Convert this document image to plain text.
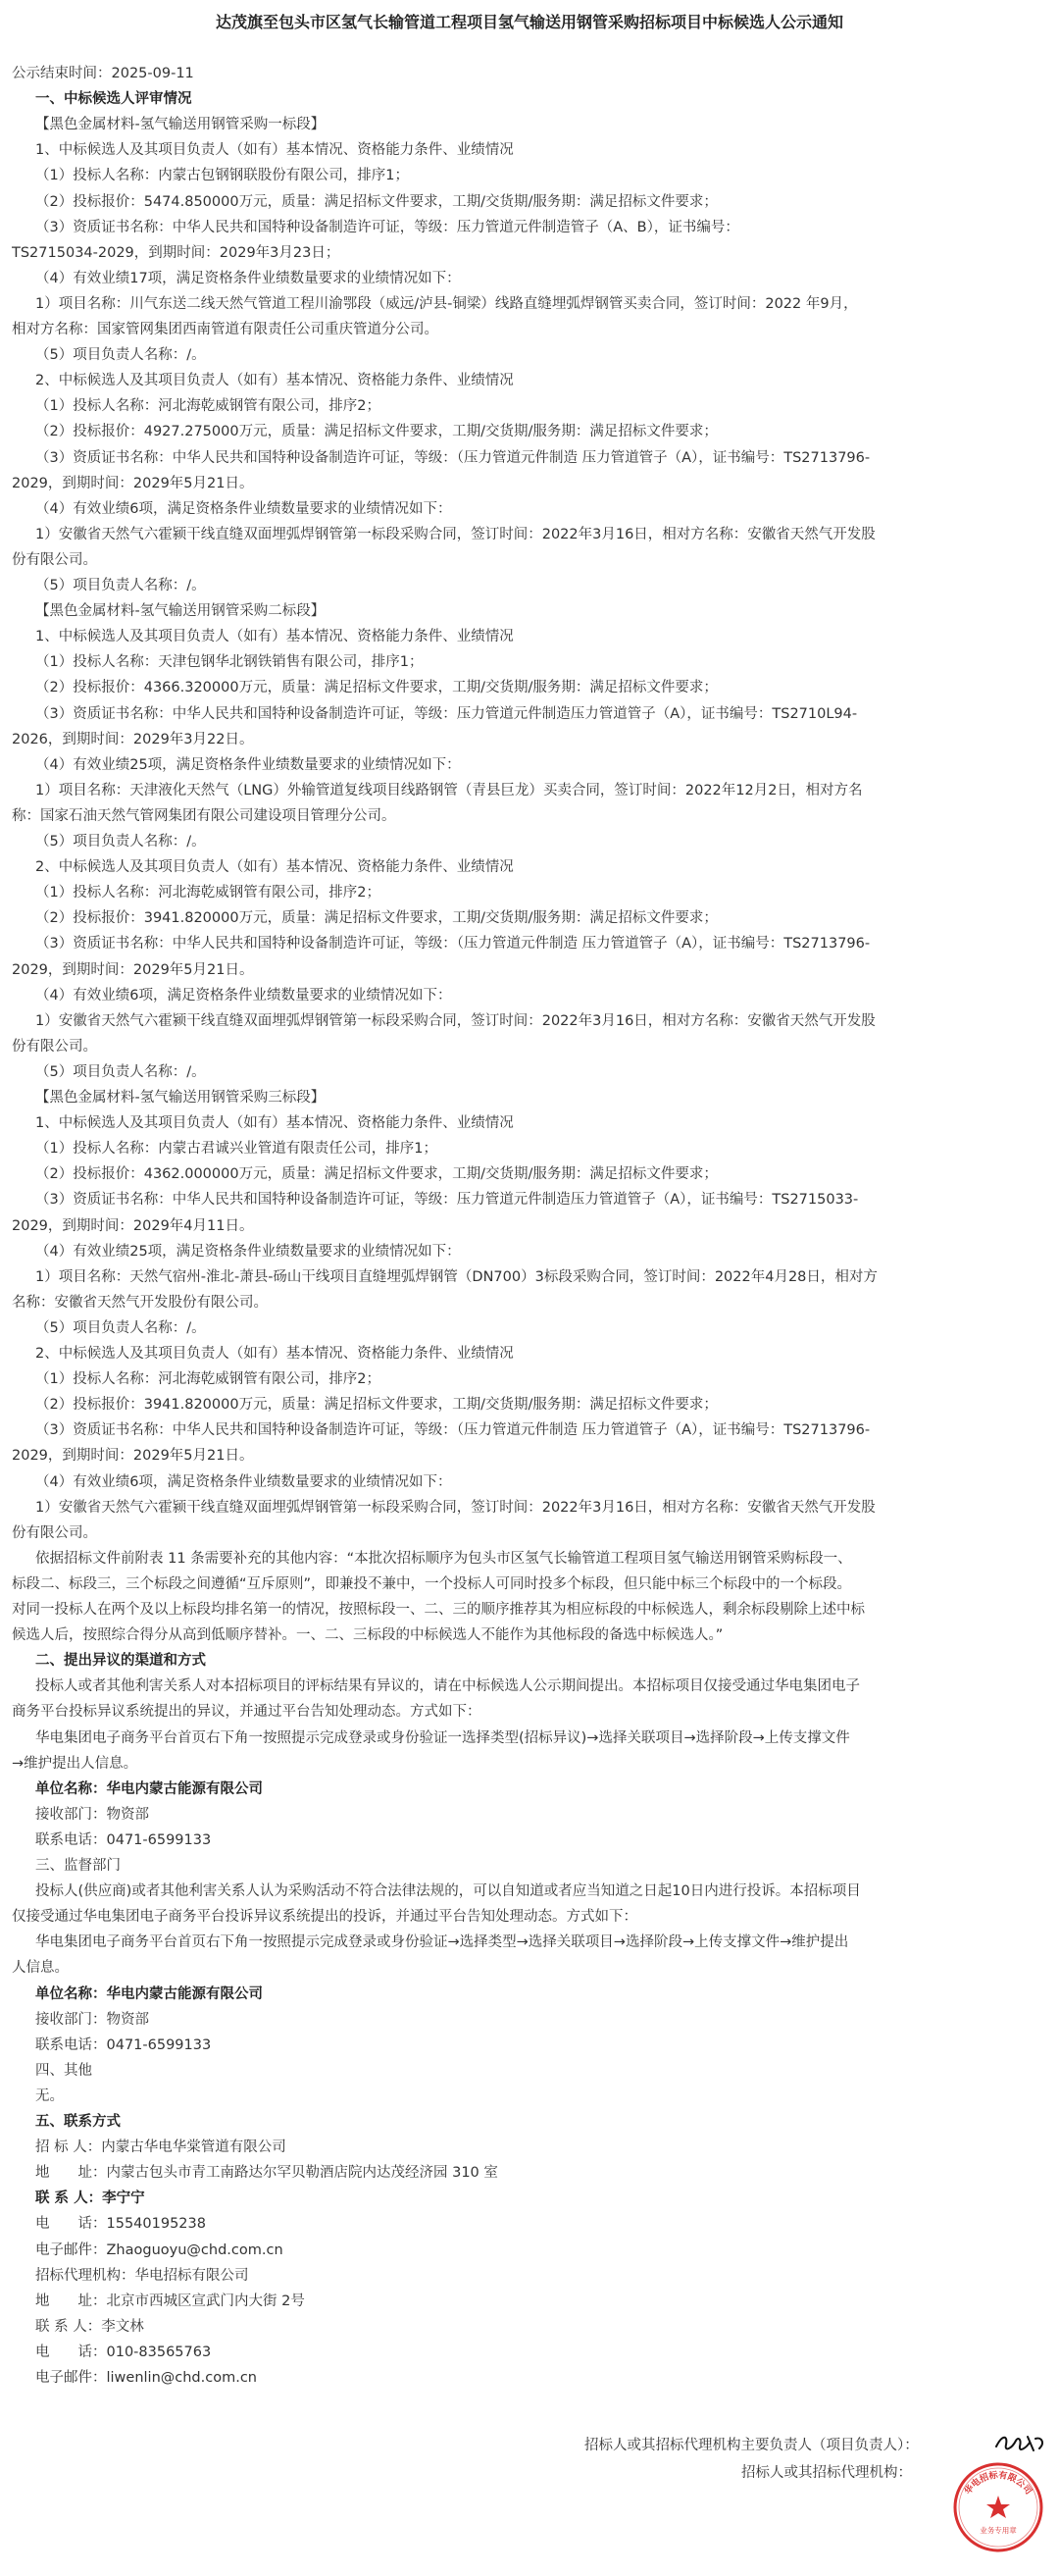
达茂旗至包头市区氢气长输管道工程项目氢气输送用钢管采购招标项目中标候选人公示通知
公示结束时间：2025-09-11
一、中标候选人评审情况
【黑色金属材料-氢气输送用钢管采购一标段】
1、中标候选人及其项目负责人（如有）基本情况、资格能力条件、业绩情况
（1）投标人名称：内蒙古包钢钢联股份有限公司，排序1；
（2）投标报价：5474.850000万元，质量：满足招标文件要求，工期/交货期/服务期：满足招标文件要求；
（3）资质证书名称：中华人民共和国特种设备制造许可证，等级：压力管道元件制造管子（A、B），证书编号：
TS2715034-2029，到期时间：2029年3月23日；
（4）有效业绩17项，满足资格条件业绩数量要求的业绩情况如下：
1）项目名称：川气东送二线天然气管道工程川渝鄂段（威远/泸县-铜梁）线路直缝埋弧焊钢管买卖合同，签订时间：2022 年9月，
相对方名称：国家管网集团西南管道有限责任公司重庆管道分公司。
（5）项目负责人名称：/。
2、中标候选人及其项目负责人（如有）基本情况、资格能力条件、业绩情况
（1）投标人名称：河北海乾威钢管有限公司，排序2；
（2）投标报价：4927.275000万元，质量：满足招标文件要求，工期/交货期/服务期：满足招标文件要求；
（3）资质证书名称：中华人民共和国特种设备制造许可证，等级：（压力管道元件制造 压力管道管子（A），证书编号：TS2713796-
2029，到期时间：2029年5月21日。
（4）有效业绩6项，满足资格条件业绩数量要求的业绩情况如下：
1）安徽省天然气六霍颍干线直缝双面埋弧焊钢管第一标段采购合同，签订时间：2022年3月16日，相对方名称：安徽省天然气开发股
份有限公司。
（5）项目负责人名称：/。
【黑色金属材料-氢气输送用钢管采购二标段】
1、中标候选人及其项目负责人（如有）基本情况、资格能力条件、业绩情况
（1）投标人名称：天津包钢华北钢铁销售有限公司，排序1；
（2）投标报价：4366.320000万元，质量：满足招标文件要求，工期/交货期/服务期：满足招标文件要求；
（3）资质证书名称：中华人民共和国特种设备制造许可证，等级：压力管道元件制造压力管道管子（A），证书编号：TS2710L94-
2026，到期时间：2029年3月22日。
（4）有效业绩25项，满足资格条件业绩数量要求的业绩情况如下：
1）项目名称：天津液化天然气（LNG）外输管道复线项目线路钢管（青县巨龙）买卖合同，签订时间：2022年12月2日，相对方名
称：国家石油天然气管网集团有限公司建设项目管理分公司。
（5）项目负责人名称：/。
2、中标候选人及其项目负责人（如有）基本情况、资格能力条件、业绩情况
（1）投标人名称：河北海乾威钢管有限公司，排序2；
（2）投标报价：3941.820000万元，质量：满足招标文件要求，工期/交货期/服务期：满足招标文件要求；
（3）资质证书名称：中华人民共和国特种设备制造许可证，等级：（压力管道元件制造 压力管道管子（A），证书编号：TS2713796-
2029，到期时间：2029年5月21日。
（4）有效业绩6项，满足资格条件业绩数量要求的业绩情况如下：
1）安徽省天然气六霍颍干线直缝双面埋弧焊钢管第一标段采购合同，签订时间：2022年3月16日，相对方名称：安徽省天然气开发股
份有限公司。
（5）项目负责人名称：/。
【黑色金属材料-氢气输送用钢管采购三标段】
1、中标候选人及其项目负责人（如有）基本情况、资格能力条件、业绩情况
（1）投标人名称：内蒙古君诚兴业管道有限责任公司，排序1；
（2）投标报价：4362.000000万元，质量：满足招标文件要求，工期/交货期/服务期：满足招标文件要求；
（3）资质证书名称：中华人民共和国特种设备制造许可证，等级：压力管道元件制造压力管道管子（A），证书编号：TS2715033-
2029，到期时间：2029年4月11日。
（4）有效业绩25项，满足资格条件业绩数量要求的业绩情况如下：
1）项目名称：天然气宿州-淮北-萧县-砀山干线项目直缝埋弧焊钢管（DN700）3标段采购合同，签订时间：2022年4月28日，相对方
名称：安徽省天然气开发股份有限公司。
（5）项目负责人名称：/。
2、中标候选人及其项目负责人（如有）基本情况、资格能力条件、业绩情况
（1）投标人名称：河北海乾威钢管有限公司，排序2；
（2）投标报价：3941.820000万元，质量：满足招标文件要求，工期/交货期/服务期：满足招标文件要求；
（3）资质证书名称：中华人民共和国特种设备制造许可证，等级：（压力管道元件制造 压力管道管子（A），证书编号：TS2713796-
2029，到期时间：2029年5月21日。
（4）有效业绩6项，满足资格条件业绩数量要求的业绩情况如下：
1）安徽省天然气六霍颍干线直缝双面埋弧焊钢管第一标段采购合同，签订时间：2022年3月16日，相对方名称：安徽省天然气开发股
份有限公司。
依据招标文件前附表 11 条需要补充的其他内容：“本批次招标顺序为包头市区氢气长输管道工程项目氢气输送用钢管采购标段一、
标段二、标段三，三个标段之间遵循“互斥原则”，即兼投不兼中，一个投标人可同时投多个标段，但只能中标三个标段中的一个标段。
对同一投标人在两个及以上标段均排名第一的情况，按照标段一、二、三的顺序推荐其为相应标段的中标候选人，剩余标段剔除上述中标
候选人后，按照综合得分从高到低顺序替补。一、二、三标段的中标候选人不能作为其他标段的备选中标候选人。”
二、提出异议的渠道和方式
投标人或者其他利害关系人对本招标项目的评标结果有异议的，请在中标候选人公示期间提出。本招标项目仅接受通过华电集团电子
商务平台投标异议系统提出的异议，并通过平台告知处理动态。方式如下：
华电集团电子商务平台首页右下角一按照提示完成登录或身份验证一选择类型(招标异议)→选择关联项目→选择阶段→上传支撑文件
→维护提出人信息。
单位名称：华电内蒙古能源有限公司
接收部门：物资部
联系电话：0471-6599133
三、监督部门
投标人(供应商)或者其他利害关系人认为采购活动不符合法律法规的，可以自知道或者应当知道之日起10日内进行投诉。本招标项目
仅接受通过华电集团电子商务平台投诉异议系统提出的投诉，并通过平台告知处理动态。方式如下：
华电集团电子商务平台首页右下角一按照提示完成登录或身份验证→选择类型→选择关联项目→选择阶段→上传支撑文件→维护提出
人信息。
单位名称：华电内蒙古能源有限公司
接收部门：物资部
联系电话：0471-6599133
四、其他
无。
五、联系方式
招 标 人：内蒙古华电华棠管道有限公司
地　　址：内蒙古包头市青工南路达尔罕贝勒酒店院内达茂经济园 310 室
联 系 人：李宁宁
电　　话：15540195238
电子邮件：Zhaoguoyu@chd.com.cn
招标代理机构：华电招标有限公司
地　　址：北京市西城区宣武门内大街 2号
联 系 人：李文林
电　　话：010-83565763
电子邮件：liwenlin@chd.com.cn
招标人或其招标代理机构主要负责人（项目负责人）：
招标人或其招标代理机构：
华电招标有限公司
业务专用章
